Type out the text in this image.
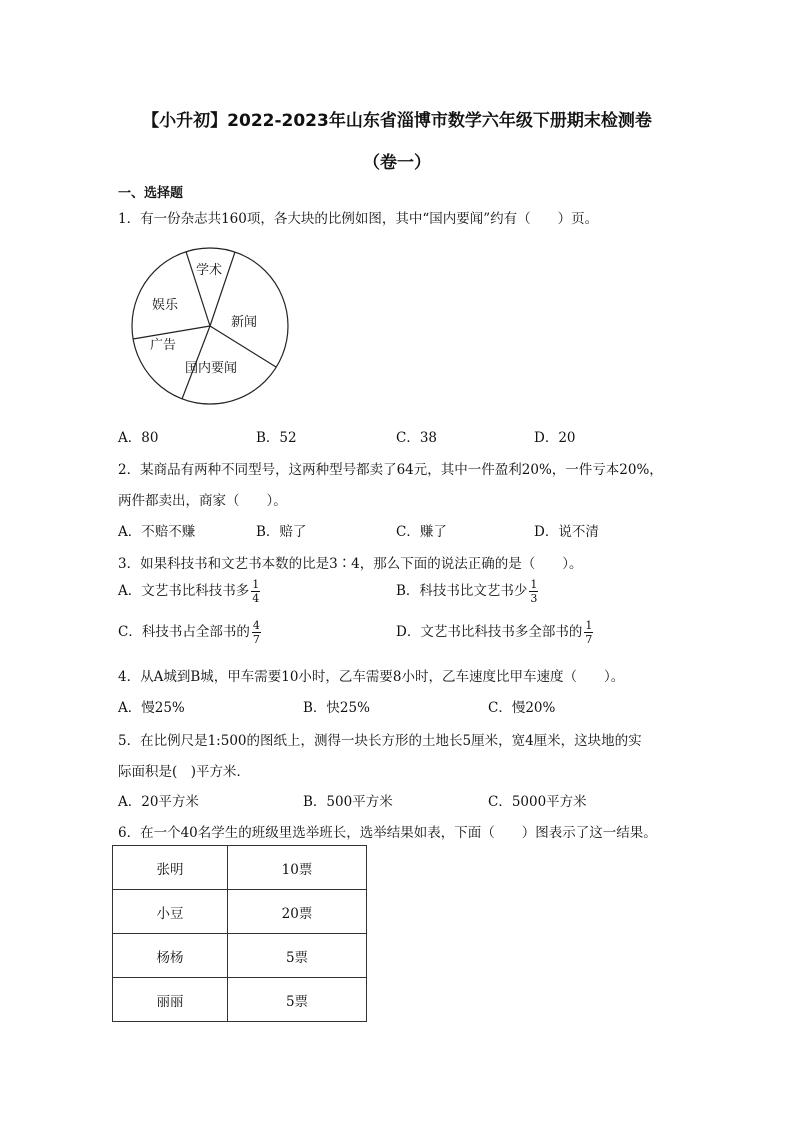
【小升初】2022-2023年山东省淄博市数学六年级下册期末检测卷
（卷一）
一、选择题
1．有一份杂志共160项，各大块的比例如图，其中“国内要闻”约有（　　）页。
学术
娱乐
新闻
广告
国内要闻
A．80	B．52	C．38	D．20
2．某商品有两种不同型号，这两种型号都卖了64元，其中一件盈利20%，一件亏本20%，
两件都卖出，商家（　　）。
A．不赔不赚	B．赔了	C．赚了	D．说不清
3．如果科技书和文艺书本数的比是3∶4，那么下面的说法正确的是（　　）。
A．文艺书比科技书多 $\frac{1}{4}$	B．科技书比文艺书少 $\frac{1}{3}$
C．科技书占全部书的 $\frac{4}{7}$	D．文艺书比科技书多全部书的 $\frac{1}{7}$
4．从A城到B城，甲车需要10小时，乙车需要8小时，乙车速度比甲车速度（　　）。
A．慢25%	B．快25%	C．慢20%
5．在比例尺是1:500的图纸上，测得一块长方形的土地长5厘米，宽4厘米，这块地的实
际面积是(　)平方米．
A．20平方米	B．500平方米	C．5000平方米
6．在一个40名学生的班级里选举班长，选举结果如表，下面（　　）图表示了这一结果。
张明	10票
小豆	20票
杨杨	5票
丽丽	5票
